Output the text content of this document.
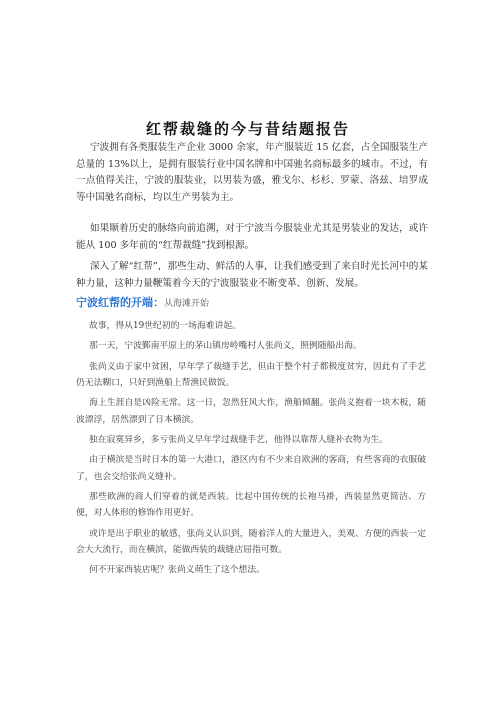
红帮裁缝的今与昔结题报告

宁波拥有各类服装生产企业 3000 余家，年产服装近 15 亿套，占全国服装生产总量的 13%以上，是拥有服装行业中国名牌和中国驰名商标最多的城市。不过，有一点值得关注，宁波的服装业，以男装为盛，雅戈尔、杉杉、罗蒙、洛兹、培罗成等中国驰名商标，均以生产男装为主。

如果顺着历史的脉络向前追溯，对于宁波当今服装业尤其是男装业的发达，或许能从 100 多年前的“红帮裁缝”找到根源。

深入了解“红帮”，那些生动、鲜活的人事，让我们感受到了来自时光长河中的某种力量，这种力量鞭策着今天的宁波服装业不断变革、创新、发展。

宁波红帮的开端：从海滩开始

故事，得从19世纪初的一场海难讲起。

那一天，宁波鄞南平原上的茅山镇房岭嘴村人张尚义，照例随船出海。

张尚义由于家中贫困，早年学了裁缝手艺，但由于整个村子都极度贫穷，因此有了手艺仍无法糊口，只好到渔船上帮渔民做饭。

海上生涯自是凶险无常。这一日，忽然狂风大作，渔船倾翻。张尚义抱着一块木板，随波漂浮，居然漂到了日本横滨。

独在寂寞异乡，多亏张尚义早年学过裁缝手艺，他得以靠帮人缝补衣物为生。

由于横滨是当时日本的第一大港口，港区内有不少来自欧洲的客商，有些客商的衣服破了，也会交给张尚义缝补。

那些欧洲的商人们穿着的就是西装。比起中国传统的长袍马褂，西装显然更简洁、方便，对人体形的修饰作用更好。

或许是出于职业的敏感，张尚义认识到，随着洋人的大量进入，美观、方便的西装一定会大大流行，而在横滨，能做西装的裁缝店屈指可数。

何不开家西装店呢？张尚义萌生了这个想法。
